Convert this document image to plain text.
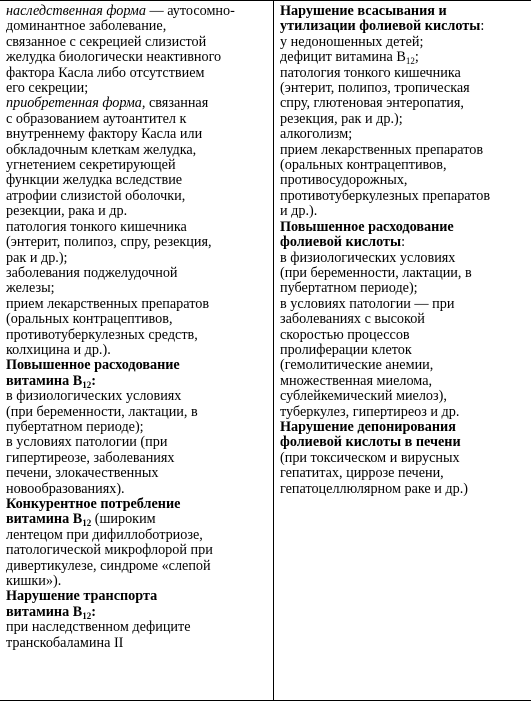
наследственная форма — аутосомно-
доминантное заболевание,
связанное с секрецией слизистой
желудка биологически неактивного
фактора Касла либо отсутствием
его секреции;
приобретенная форма, связанная
с образованием аутоантител к
внутреннему фактору Касла или
обкладочным клеткам желудка,
угнетением секретирующей
функции желудка вследствие
атрофии слизистой оболочки,
резекции, рака и др.
патология тонкого кишечника
(энтерит, полипоз, спру, резекция,
рак и др.);
заболевания поджелудочной
железы;
прием лекарственных препаратов
(оральных контрацептивов,
противотуберкулезных средств,
колхицина и др.).
Повышенное расходование
витамина $В_{12}$:
в физиологических условиях
(при беременности, лактации, в
пубертатном периоде);
в условиях патологии (при
гипертиреозе, заболеваниях
печени, злокачественных
новообразованиях).
Конкурентное потребление
витамина $В_{12}$ (широким
лентецом при дифиллоботриозе,
патологической микрофлорой при
дивертикулезе, синдроме «слепой
кишки»).
Нарушение транспорта
витамина $В_{12}$:
при наследственном дефиците
транскобаламина II

Нарушение всасывания и
утилизации фолиевой кислоты:
у недоношенных детей;
дефицит витамина $В_{12}$;
патология тонкого кишечника
(энтерит, полипоз, тропическая
спру, глютеновая энтеропатия,
резекция, рак и др.);
алкоголизм;
прием лекарственных препаратов
(оральных контрацептивов,
противосудорожных,
противотуберкулезных препаратов
и др.).
Повышенное расходование
фолиевой кислоты:
в физиологических условиях
(при беременности, лактации, в
пубертатном периоде);
в условиях патологии — при
заболеваниях с высокой
скоростью процессов
пролиферации клеток
(гемолитические анемии,
множественная миелома,
сублейкемический миелоз),
туберкулез, гипертиреоз и др.
Нарушение депонирования
фолиевой кислоты в печени
(при токсическом и вирусных
гепатитах, циррозе печени,
гепатоцеллюлярном раке и др.)
